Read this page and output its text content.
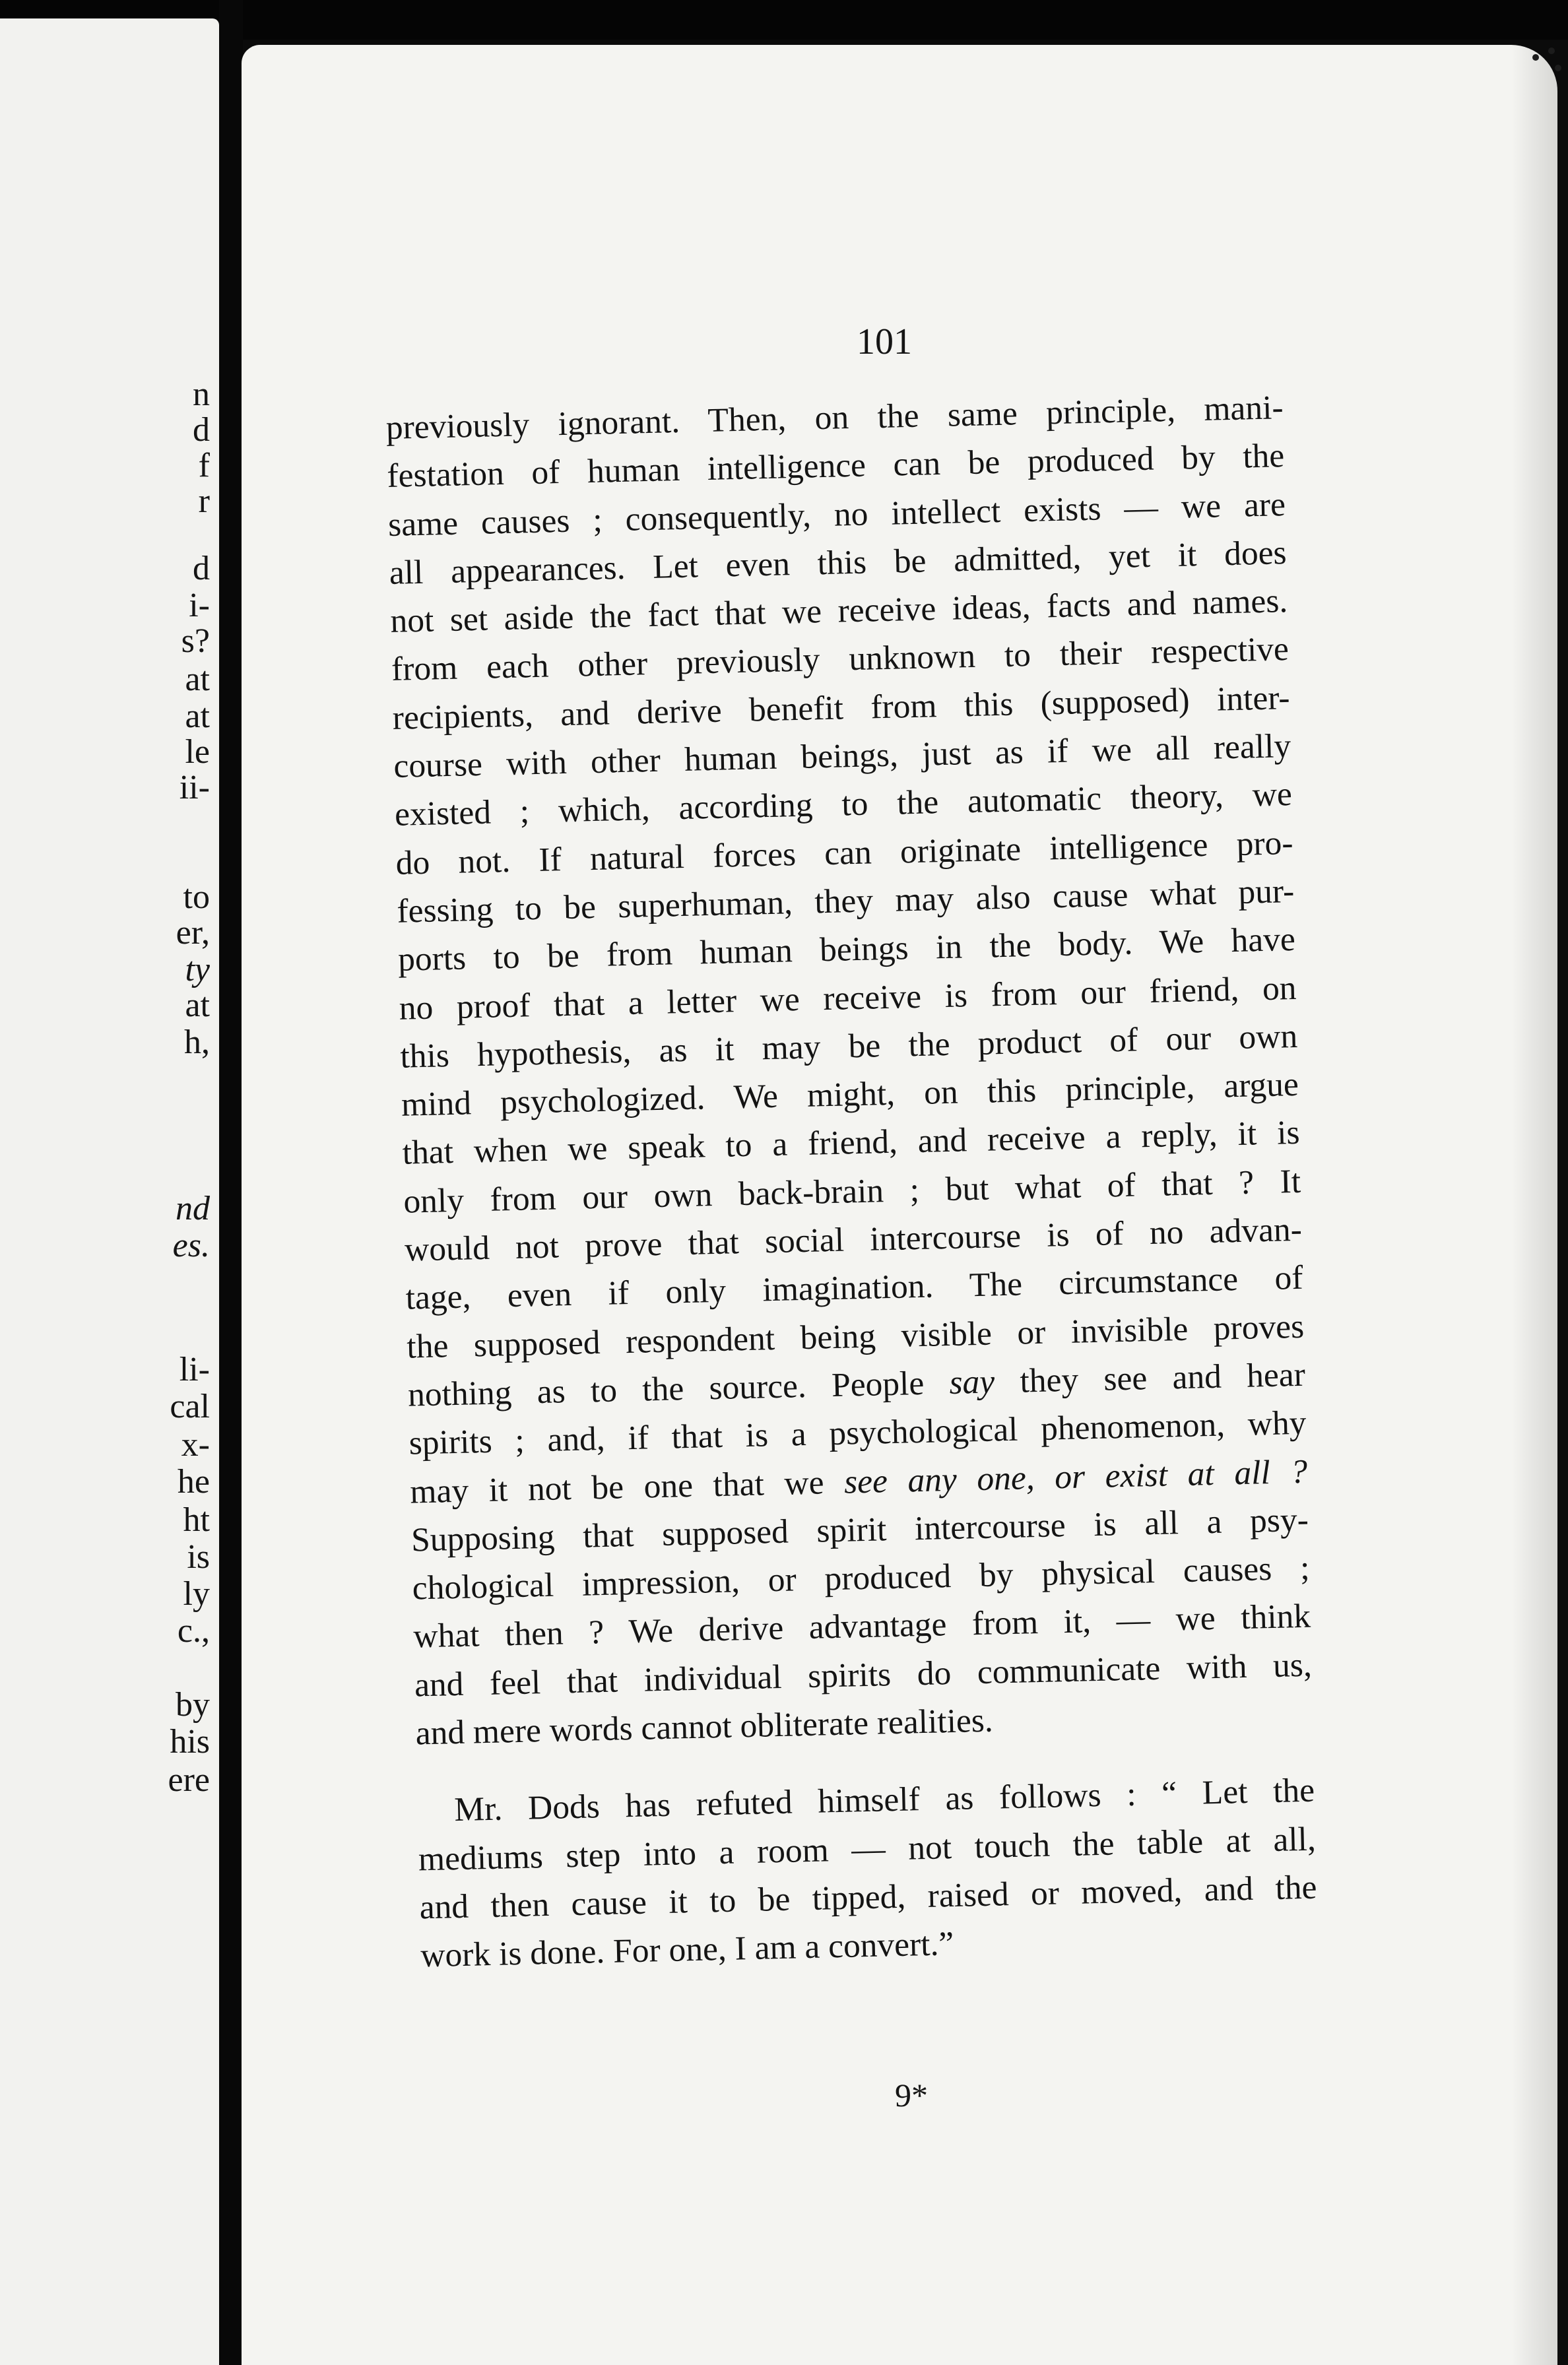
n
d
f
r
d
i-
s?
at
at
le
ii-
to
er,
ty
at
h,
nd
es.
li-
cal
x-
he
ht
is
ly
c.,
by
his
ere

101

previously ignorant. Then, on the same principle, mani-
festation of human intelligence can be produced by the
same causes ; consequently, no intellect exists — we are
all appearances. Let even this be admitted, yet it does
not set aside the fact that we receive ideas, facts and names.
from each other previously unknown to their respective
recipients, and derive benefit from this (supposed) inter-
course with other human beings, just as if we all really
existed ; which, according to the automatic theory, we
do not. If natural forces can originate intelligence pro-
fessing to be superhuman, they may also cause what pur-
ports to be from human beings in the body. We have
no proof that a letter we receive is from our friend, on
this hypothesis, as it may be the product of our own
mind psychologized. We might, on this principle, argue
that when we speak to a friend, and receive a reply, it is
only from our own back-brain ; but what of that ? It
would not prove that social intercourse is of no advan-
tage, even if only imagination. The circumstance of
the supposed respondent being visible or invisible proves
nothing as to the source. People say they see and hear
spirits ; and, if that is a psychological phenomenon, why
may it not be one that we see any one, or exist at all ?
Supposing that supposed spirit intercourse is all a psy-
chological impression, or produced by physical causes ;
what then ? We derive advantage from it, — we think
and feel that individual spirits do communicate with us,
and mere words cannot obliterate realities.
Mr. Dods has refuted himself as follows : “ Let the
mediums step into a room — not touch the table at all,
and then cause it to be tipped, raised or moved, and the
work is done. For one, I am a convert.”

9*
